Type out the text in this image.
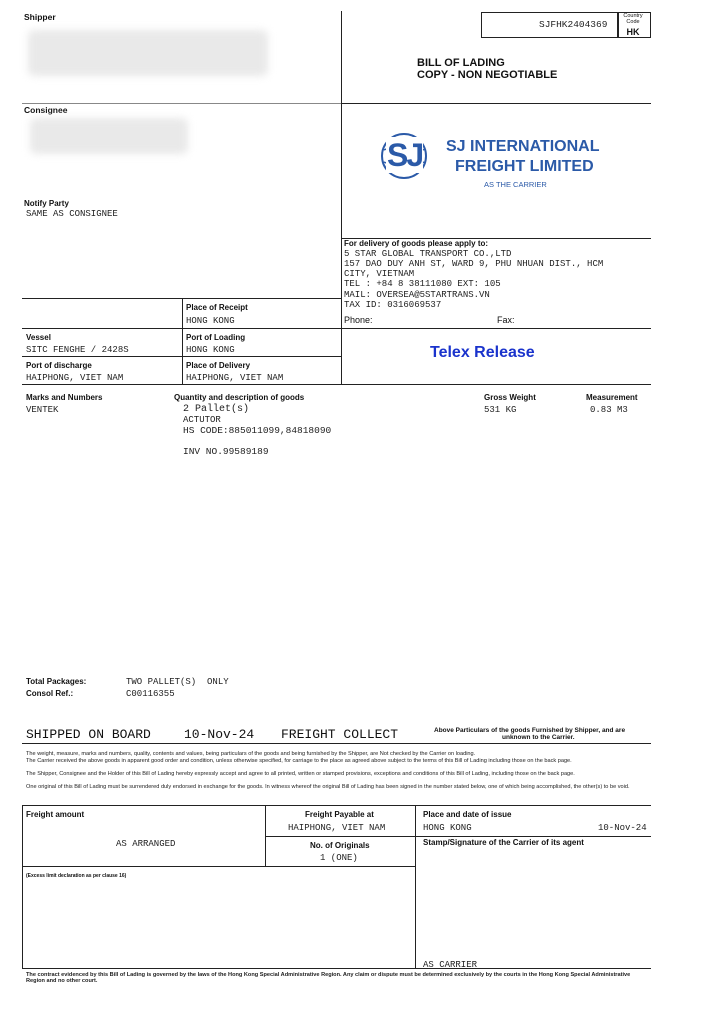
Shipper
SJFHK2404369
Country Code
HK
BILL OF LADING
COPY - NON NEGOTIABLE
Consignee
SJ SJ INTERNATIONAL
FREIGHT LIMITED
AS THE CARRIER
Notify Party
SAME AS CONSIGNEE
For delivery of goods please apply to:
5 STAR GLOBAL TRANSPORT CO.,LTD
157 DAO DUY ANH ST, WARD 9, PHU NHUAN DIST., HCM
CITY, VIETNAM
TEL : +84 8 38111080 EXT: 105
MAIL: OVERSEA@5STARTRANS.VN
TAX ID: 0316069537
Phone:	Fax:
Place of Receipt
HONG KONG
Vessel
SITC FENGHE / 2428S
Port of Loading
HONG KONG
Port of discharge
HAIPHONG, VIET NAM
Place of Delivery
HAIPHONG, VIET NAM
Telex Release
Marks and Numbers
VENTEK
Quantity and description of goods
2 Pallet(s)
ACTUTOR
HS CODE:885011099,84818090
INV NO.99589189
Gross Weight
531 KG
Measurement
0.83 M3
Total Packages:	TWO PALLET(S)  ONLY
Consol Ref.:	C00116355
SHIPPED ON BOARD	10-Nov-24 FREIGHT COLLECT	Above Particulars of the goods Furnished by Shipper, and are
unknown to the Carrier.
The weight, measure, marks and numbers, quality, contents and values, being particulars of the goods and being furnished by the Shipper, are Not checked by the Carrier on loading.
The Carrier received the above goods in apparent good order and condition, unless otherwise specified, for carriage to the place as agreed above subject to the terms of this Bill of Lading including those on the back page.
The Shipper, Consignee and the Holder of this Bill of Lading hereby expressly accept and agree to all printed, written or stamped provisions, exceptions and conditions of this Bill of Lading, including those on the back page.
One original of this Bill of Lading must be surrendered duly endorsed in exchange for the goods. In witness whereof the original Bill of Lading has been signed in the number stated below, one of which being accomplished, the other(s) to be void.
Freight amount
AS ARRANGED
Freight Payable at
HAIPHONG, VIET NAM
No. of Originals
1 (ONE)
Place and date of issue
HONG KONG	10-Nov-24
Stamp/Signature of the Carrier of its agent
(Excess limit declaration as per clause 16)
AS CARRIER
The contract evidenced by this Bill of Lading is governed by the laws of the Hong Kong Special Administrative Region. Any claim or dispute must be determined exclusively by the courts in the Hong Kong Special Administrative Region and no other court.
